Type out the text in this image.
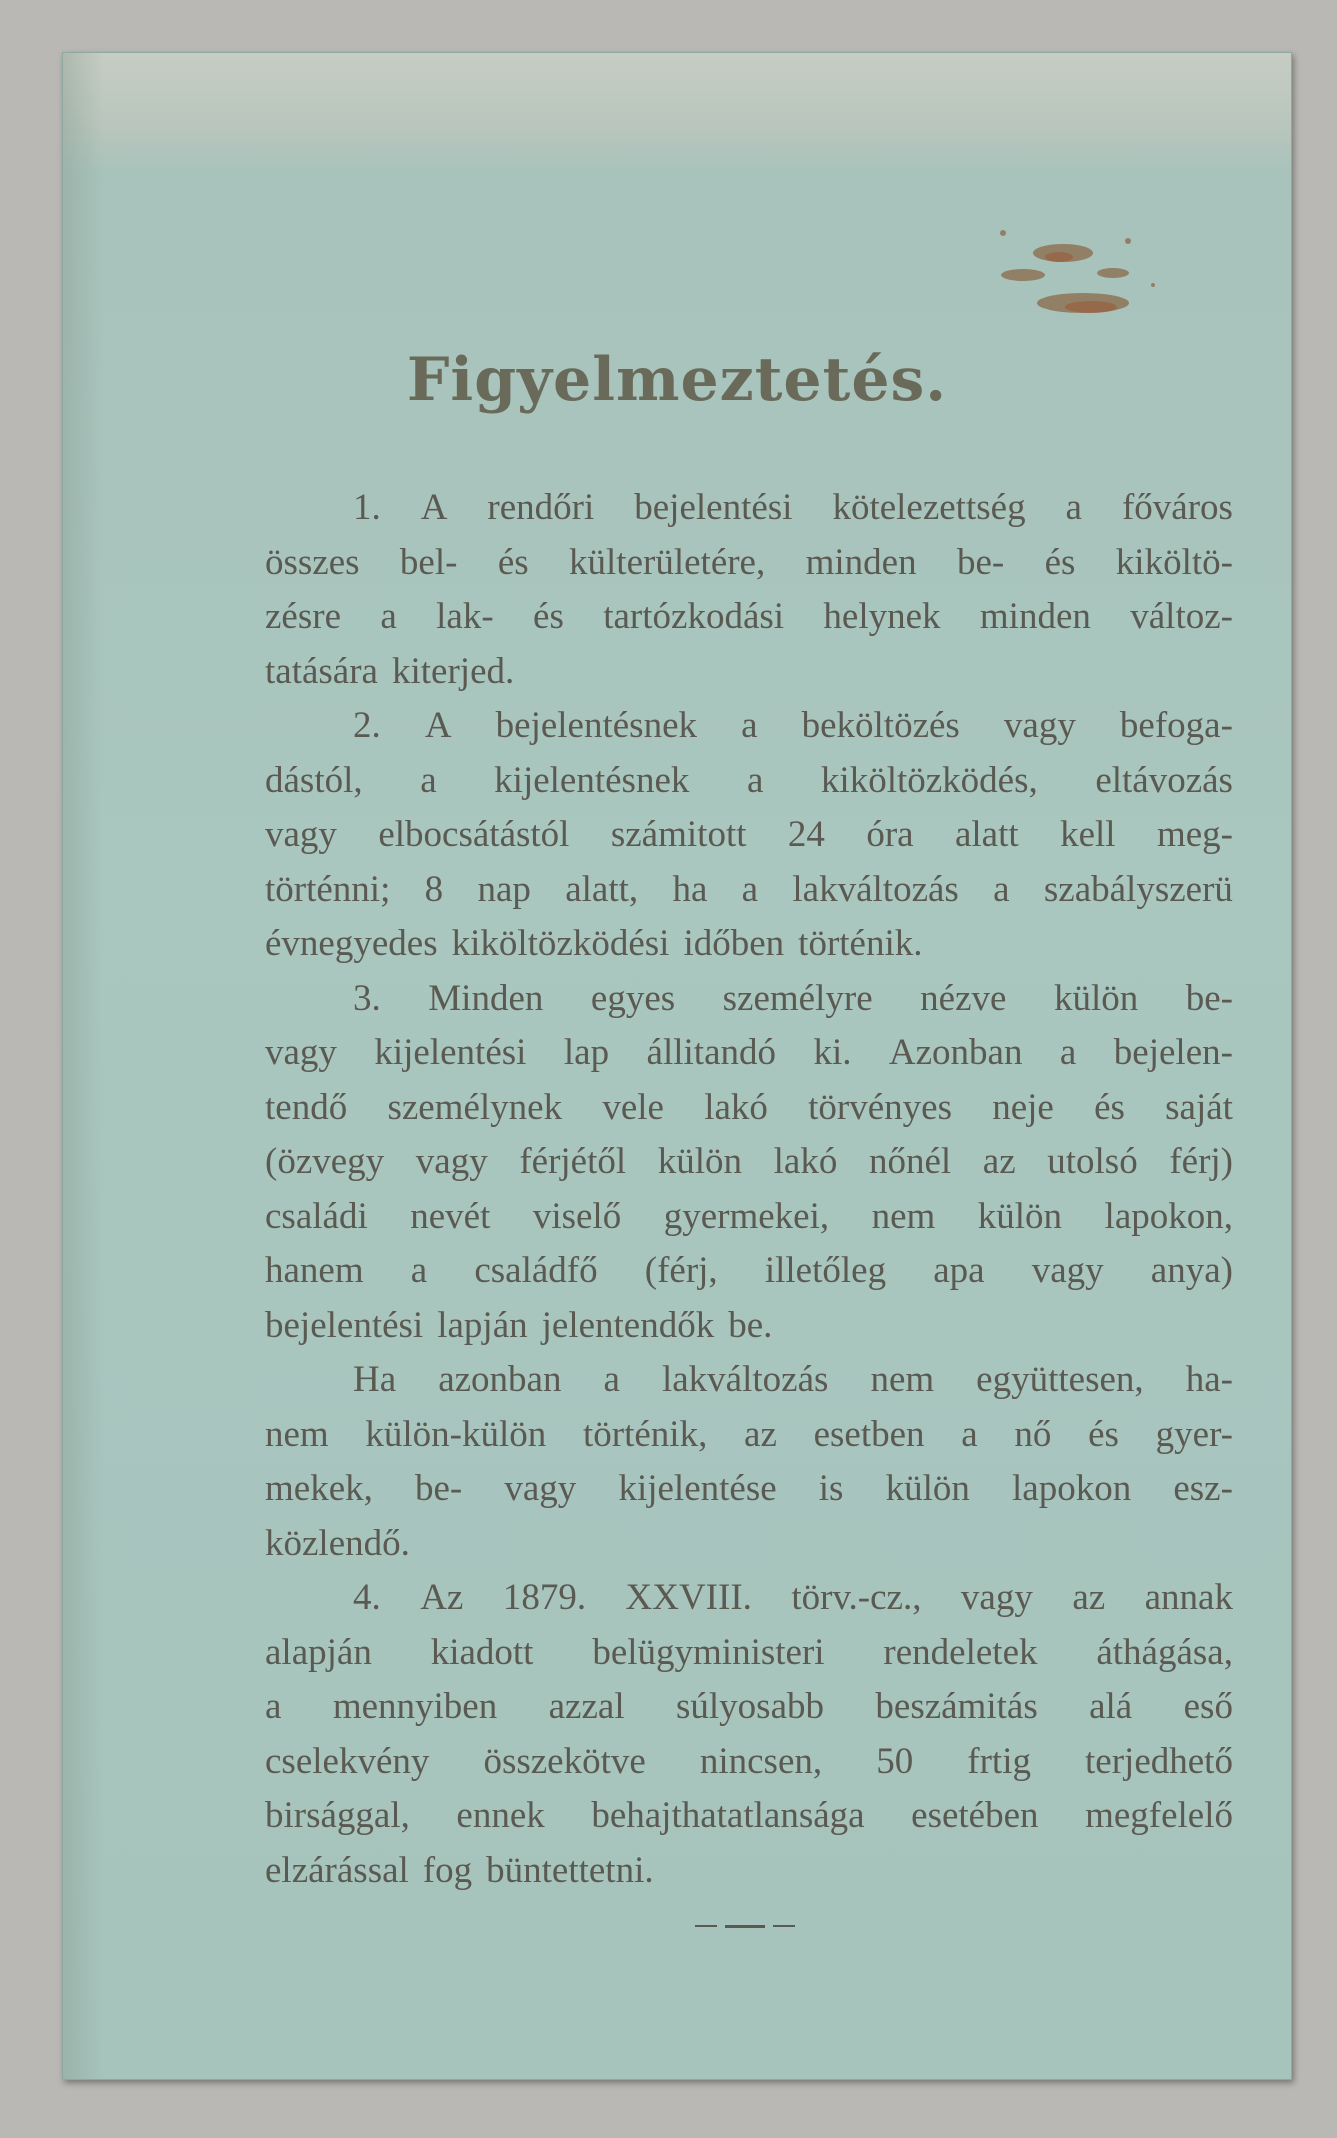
Figyelmeztetés.
1. A rendőri bejelentési kötelezettség a főváros
összes bel- és külterületére, minden be- és kiköltö-
zésre a lak- és tartózkodási helynek minden változ-
tatására kiterjed.
2. A bejelentésnek a beköltözés vagy befoga-
dástól, a kijelentésnek a kiköltözködés, eltávozás
vagy elbocsátástól számitott 24 óra alatt kell meg-
történni; 8 nap alatt, ha a lakváltozás a szabályszerü
évnegyedes kiköltözködési időben történik.
3. Minden egyes személyre nézve külön be-
vagy kijelentési lap állitandó ki. Azonban a bejelen-
tendő személynek vele lakó törvényes neje és saját
(özvegy vagy férjétől külön lakó nőnél az utolsó férj)
családi nevét viselő gyermekei, nem külön lapokon,
hanem a családfő (férj, illetőleg apa vagy anya)
bejelentési lapján jelentendők be.
Ha azonban a lakváltozás nem együttesen, ha-
nem külön-külön történik, az esetben a nő és gyer-
mekek, be- vagy kijelentése is külön lapokon esz-
közlendő.
4. Az 1879. XXVIII. törv.-cz., vagy az annak
alapján kiadott belügyministeri rendeletek áthágása,
a mennyiben azzal súlyosabb beszámitás alá eső
cselekvény összekötve nincsen, 50 frtig terjedhető
birsággal, ennek behajthatatlansága esetében megfelelő
elzárással fog büntettetni.
